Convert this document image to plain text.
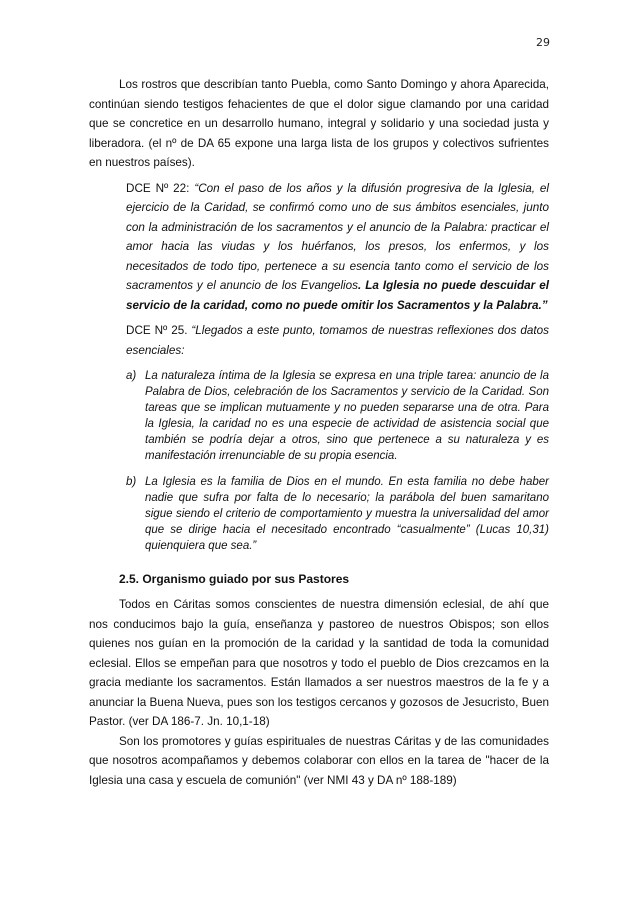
29

Los rostros que describían tanto Puebla, como Santo Domingo y ahora Aparecida, continúan siendo testigos fehacientes de que el dolor sigue clamando por una caridad que se concretice en un desarrollo humano, integral y solidario y una sociedad justa y liberadora. (el nº de DA 65 expone una larga lista de los grupos y colectivos sufrientes en nuestros países).

DCE Nº 22: “Con el paso de los años y la difusión progresiva de la Iglesia, el ejercicio de la Caridad, se confirmó como uno de sus ámbitos esenciales, junto con la administración de los sacramentos y el anuncio de la Palabra: practicar el amor hacia las viudas y los huérfanos, los presos, los enfermos, y los necesitados de todo tipo, pertenece a su esencia tanto como el servicio de los sacramentos y el anuncio de los Evangelios. La Iglesia no puede descuidar el servicio de la caridad, como no puede omitir los Sacramentos y la Palabra.”

DCE Nº 25. “Llegados a este punto, tomamos de nuestras reflexiones dos datos esenciales:

a) La naturaleza íntima de la Iglesia se expresa en una triple tarea: anuncio de la Palabra de Dios, celebración de los Sacramentos y servicio de la Caridad. Son tareas que se implican mutuamente y no pueden separarse una de otra. Para la Iglesia, la caridad no es una especie de actividad de asistencia social que también se podría dejar a otros, sino que pertenece a su naturaleza y es manifestación irrenunciable de su propia esencia.
b) La Iglesia es la familia de Dios en el mundo. En esta familia no debe haber nadie que sufra por falta de lo necesario; la parábola del buen samaritano sigue siendo el criterio de comportamiento y muestra la universalidad del amor que se dirige hacia el necesitado encontrado “casualmente” (Lucas 10,31) quienquiera que sea.”
2.5. Organismo guiado por sus Pastores

Todos en Cáritas somos conscientes de nuestra dimensión eclesial, de ahí que nos conducimos bajo la guía, enseñanza y pastoreo de nuestros Obispos; son ellos quienes nos guían en la promoción de la caridad y la santidad de toda la comunidad eclesial. Ellos se empeñan para que nosotros y todo el pueblo de Dios crezcamos en la gracia mediante los sacramentos. Están llamados a ser nuestros maestros de la fe y a anunciar la Buena Nueva, pues son los testigos cercanos y gozosos de Jesucristo, Buen Pastor. (ver DA 186-7. Jn. 10,1-18)

Son los promotores y guías espirituales de nuestras Cáritas y de las comunidades que nosotros acompañamos y debemos colaborar con ellos en la tarea de "hacer de la Iglesia una casa y escuela de comunión" (ver NMI 43 y DA nº 188-189)
